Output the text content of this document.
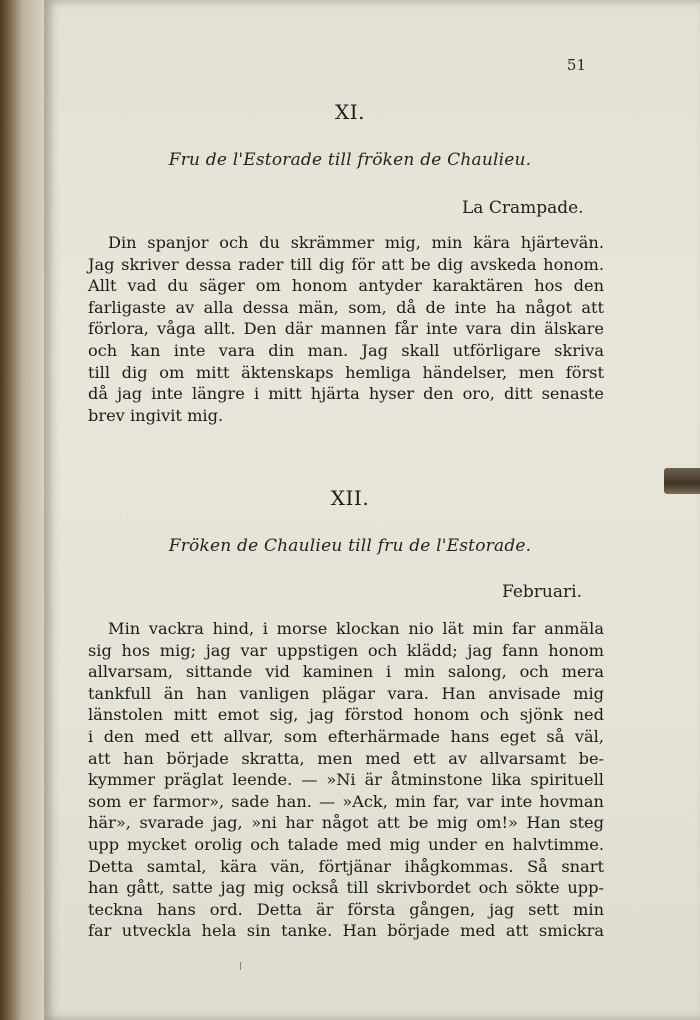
51
XI.
Fru de l'Estorade till fröken de Chaulieu.
La Crampade.
Din spanjor och du skrämmer mig, min kära hjärtevän.
Jag skriver dessa rader till dig för att be dig avskeda honom.
Allt vad du säger om honom antyder karaktären hos den
farligaste av alla dessa män, som, då de inte ha något att
förlora, våga allt. Den där mannen får inte vara din älskare
och kan inte vara din man. Jag skall utförligare skriva
till dig om mitt äktenskaps hemliga händelser, men först
då jag inte längre i mitt hjärta hyser den oro, ditt senaste
brev ingivit mig.
XII.
Fröken de Chaulieu till fru de l'Estorade.
Februari.
Min vackra hind, i morse klockan nio lät min far anmäla
sig hos mig; jag var uppstigen och klädd; jag fann honom
allvarsam, sittande vid kaminen i min salong, och mera
tankfull än han vanligen plägar vara. Han anvisade mig
länstolen mitt emot sig, jag förstod honom och sjönk ned
i den med ett allvar, som efterhärmade hans eget så väl,
att han började skratta, men med ett av allvarsamt be-
kymmer präglat leende. — »Ni är åtminstone lika spirituell
som er farmor», sade han. — »Ack, min far, var inte hovman
här», svarade jag, »ni har något att be mig om!» Han steg
upp mycket orolig och talade med mig under en halvtimme.
Detta samtal, kära vän, förtjänar ihågkommas. Så snart
han gått, satte jag mig också till skrivbordet och sökte upp-
teckna hans ord. Detta är första gången, jag sett min
far utveckla hela sin tanke. Han började med att smickra
